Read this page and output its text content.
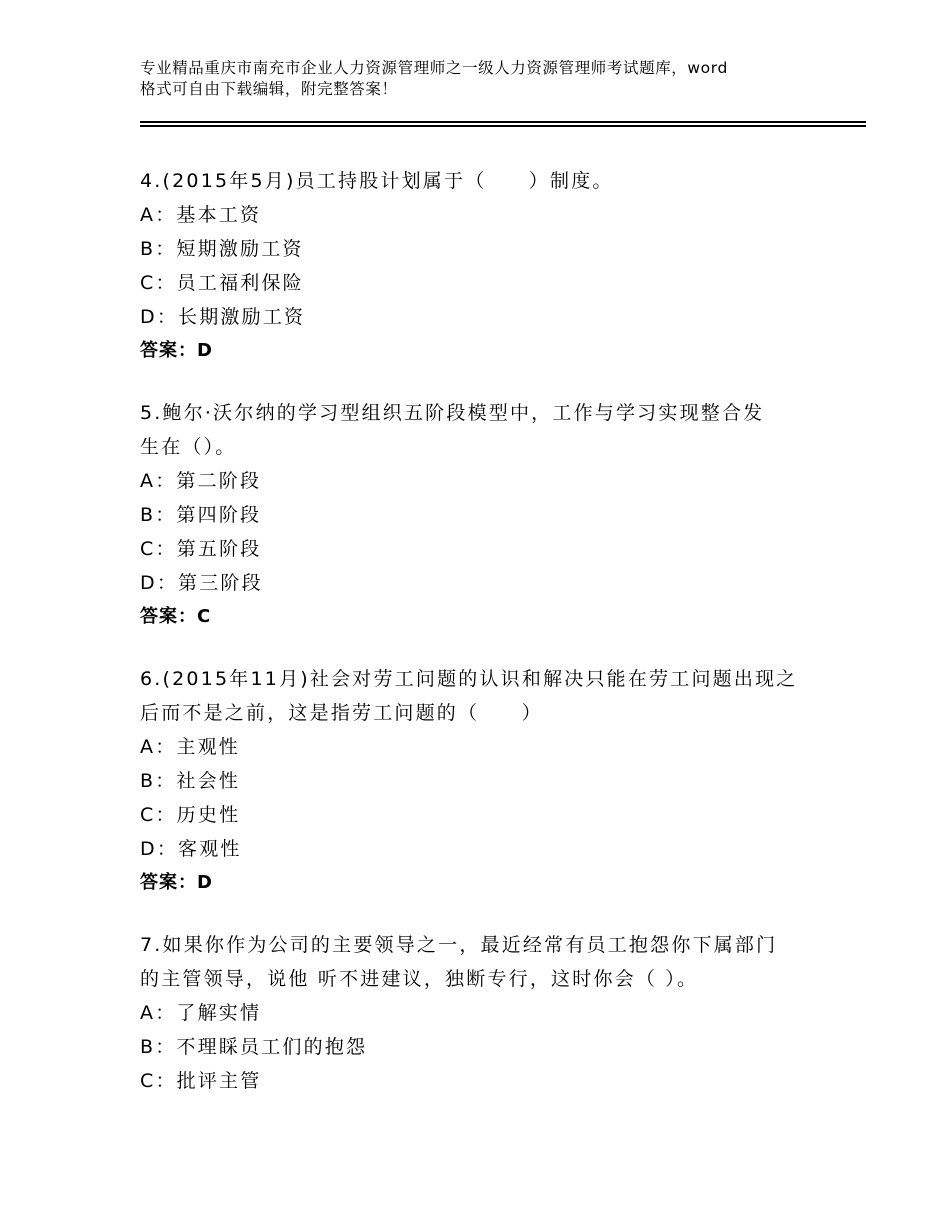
专业精品重庆市南充市企业人力资源管理师之一级人力资源管理师考试题库，word
格式可自由下载编辑，附完整答案！
4.(2015年5月)员工持股计划属于（　　）制度。
A：基本工资
B：短期激励工资
C：员工福利保险
D：长期激励工资
答案：D
5.鲍尔·沃尔纳的学习型组织五阶段模型中，工作与学习实现整合发
生在（）。
A：第二阶段
B：第四阶段
C：第五阶段
D：第三阶段
答案：C
6.(2015年11月)社会对劳工问题的认识和解决只能在劳工问题出现之
后而不是之前，这是指劳工问题的（　　）
A：主观性
B：社会性
C：历史性
D：客观性
答案：D
7.如果你作为公司的主要领导之一，最近经常有员工抱怨你下属部门
的主管领导，说他 听不进建议，独断专行，这时你会（ ）。
A：了解实情
B：不理睬员工们的抱怨
C：批评主管
